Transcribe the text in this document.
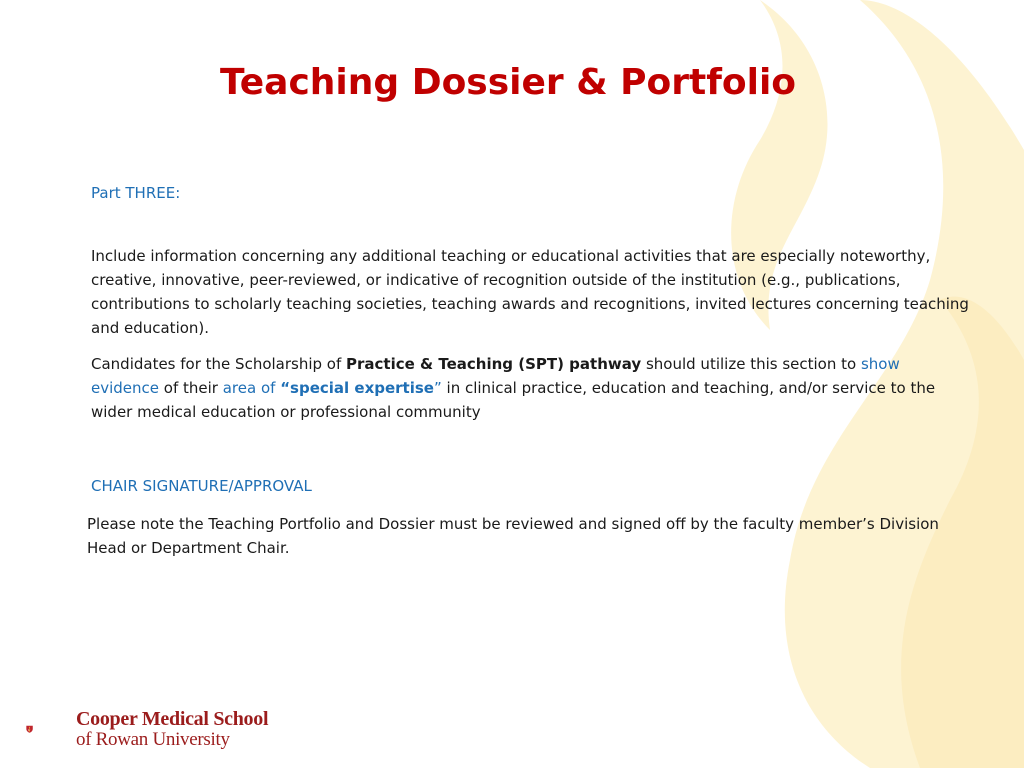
Teaching Dossier & Portfolio

Part THREE:

Include information concerning any additional teaching or educational activities that are especially noteworthy, creative, innovative, peer-reviewed, or indicative of recognition outside of the institution (e.g., publications, contributions to scholarly teaching societies, teaching awards and recognitions, invited lectures concerning teaching and education).

Candidates for the Scholarship of Practice & Teaching (SPT) pathway should utilize this section to show evidence of their area of “special expertise” in clinical practice, education and teaching, and/or service to the wider medical education or professional community

CHAIR SIGNATURE/APPROVAL

Please note the Teaching Portfolio and Dossier must be reviewed and signed off by the faculty member’s Division Head or Department Chair.

Cooper Medical School
of Rowan University
